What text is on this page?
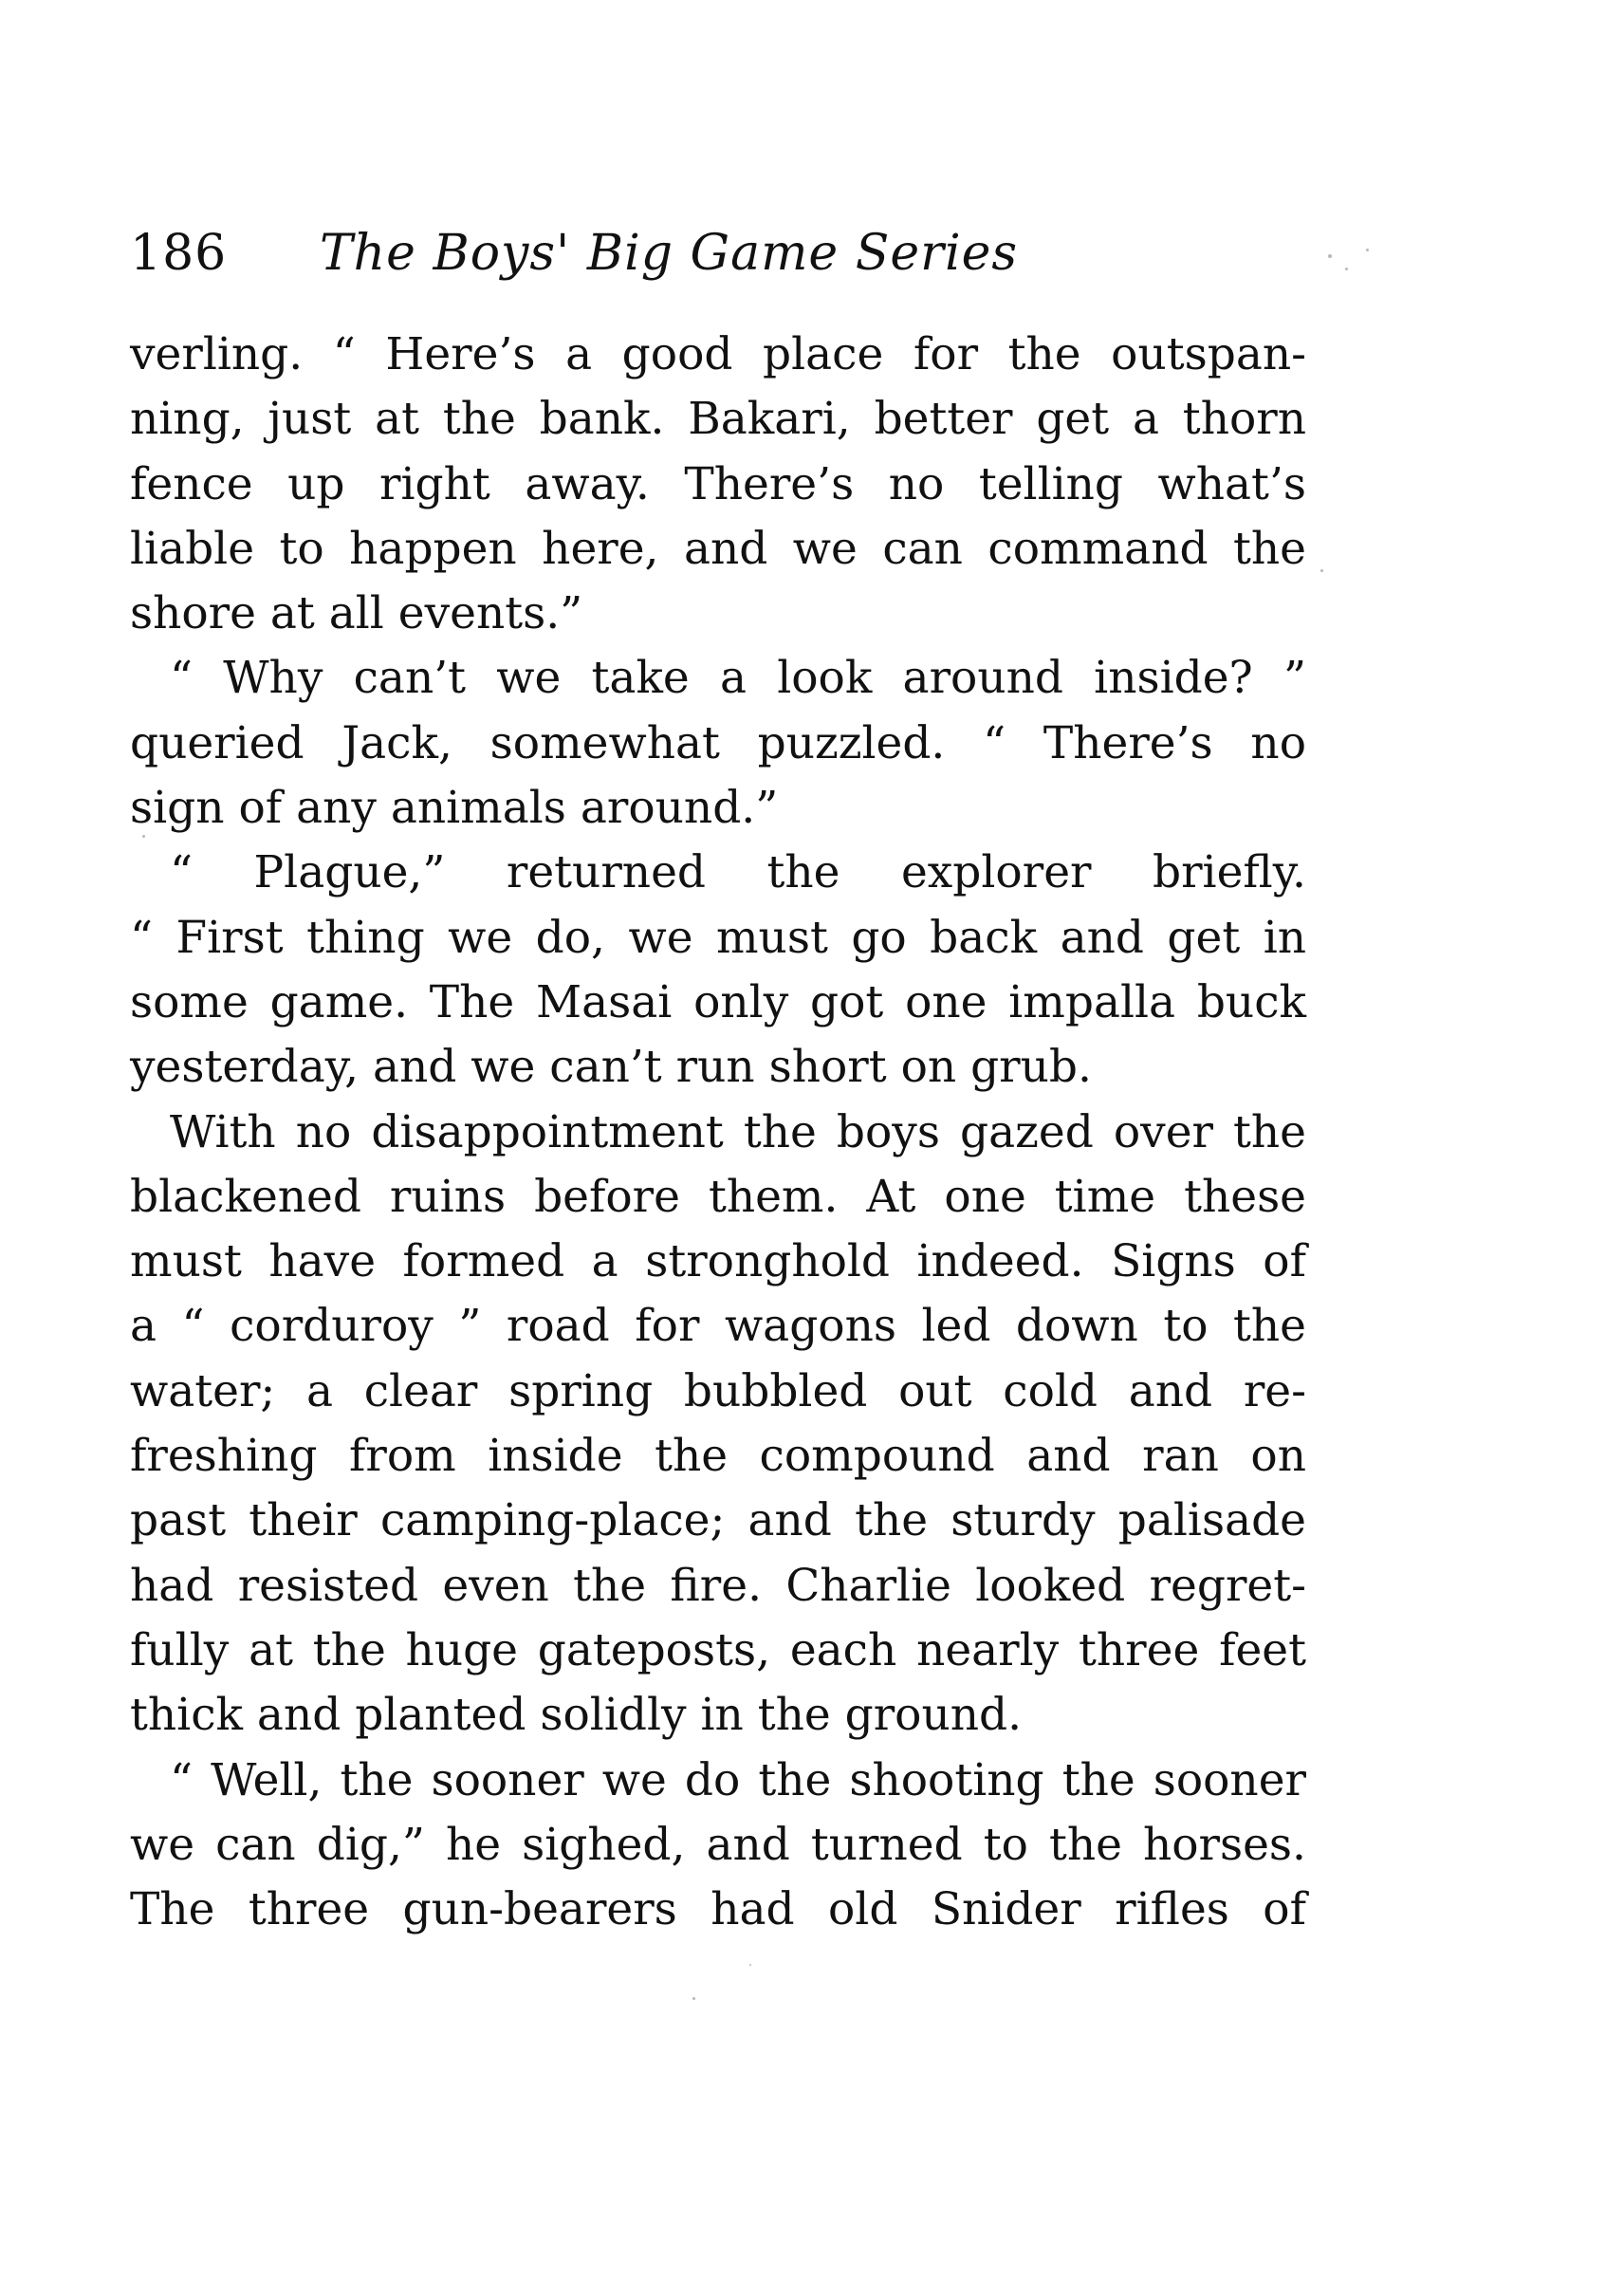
186 The Boys' Big Game Series
verling. “ Here’s a good place for the outspan-
ning, just at the bank. Bakari, better get a thorn
fence up right away. There’s no telling what’s
liable to happen here, and we can command the
shore at all events.”
“ Why can’t we take a look around inside? ”
queried Jack, somewhat puzzled. “ There’s no
sign of any animals around.”
“ Plague,” returned the explorer briefly.
“ First thing we do, we must go back and get in
some game. The Masai only got one impalla buck
yesterday, and we can’t run short on grub.
With no disappointment the boys gazed over the
blackened ruins before them. At one time these
must have formed a stronghold indeed. Signs of
a “ corduroy ” road for wagons led down to the
water; a clear spring bubbled out cold and re-
freshing from inside the compound and ran on
past their camping-place; and the sturdy palisade
had resisted even the fire. Charlie looked regret-
fully at the huge gateposts, each nearly three feet
thick and planted solidly in the ground.
“ Well, the sooner we do the shooting the sooner
we can dig,” he sighed, and turned to the horses.
The three gun-bearers had old Snider rifles of
